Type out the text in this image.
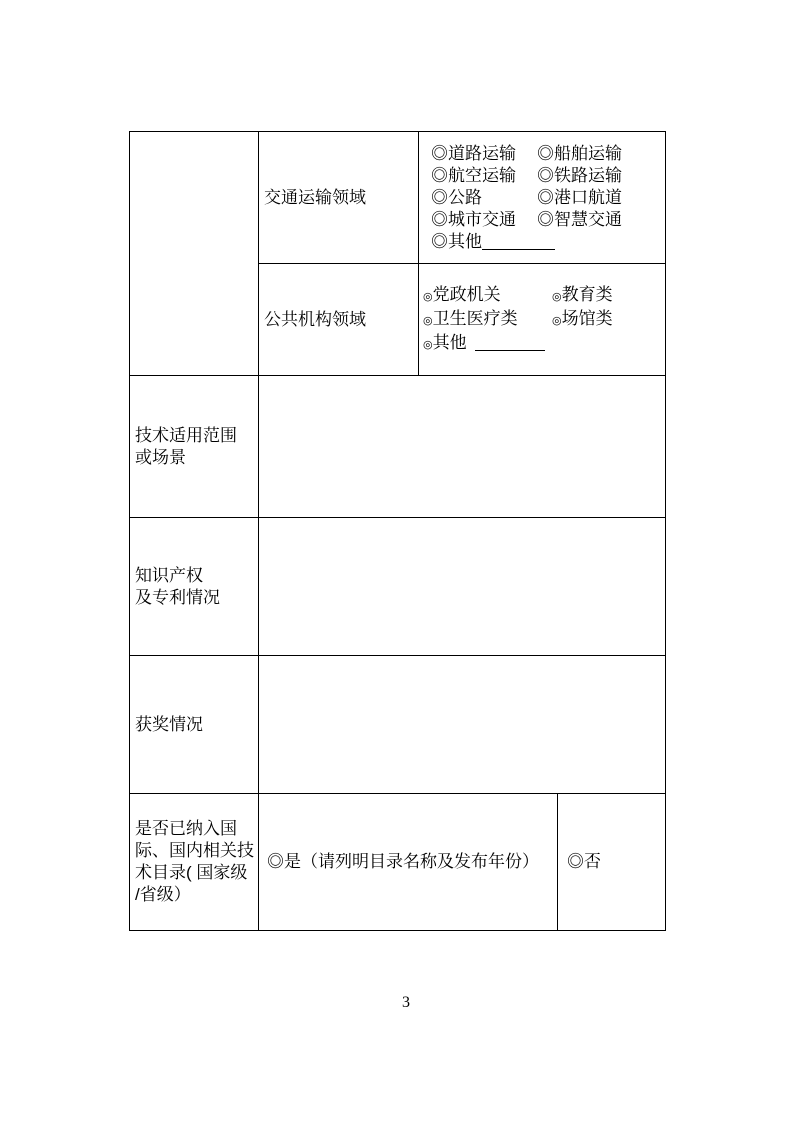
	交通运输领域	◎道路运输 ◎船舶运输
◎航空运输 ◎铁路运输
◎公路 ◎港口航道
◎城市交通 ◎智慧交通
◎其他	

	公共机构领域	◎党政机关 ◎教育类
◎卫生医疗类 ◎场馆类
◎其他	

技术适用范围
或场景			

知识产权
及专利情况			

获奖情况			

是否已纳入国
际、国内相关技
术目录( 国家级
/省级）	◎是（请列明目录名称及发布年份）		◎否
3
